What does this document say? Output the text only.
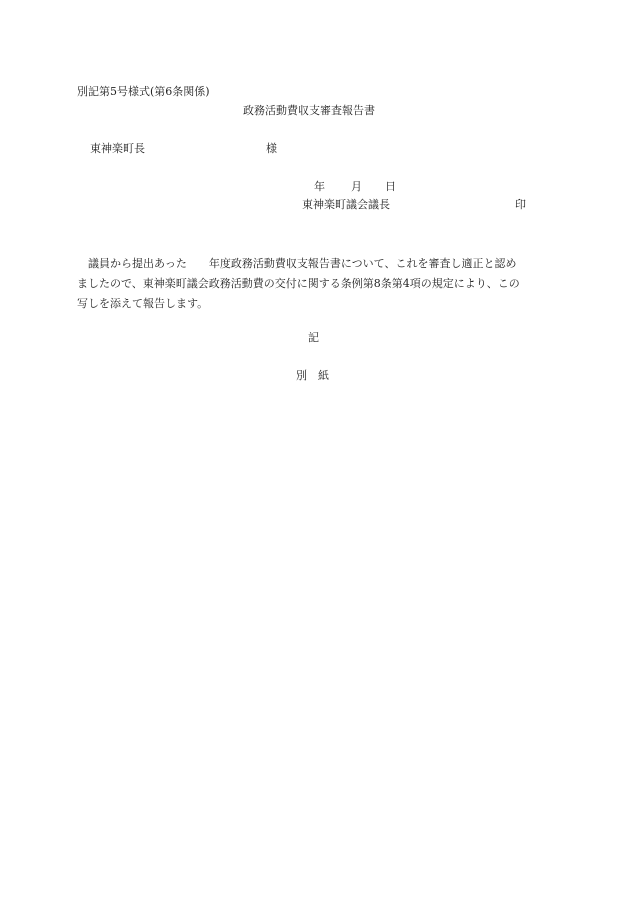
別記第5号様式(第6条関係)
政務活動費収支審査報告書
東神楽町長	様
年 月 日
東神楽町議会議長	印
　議員から提出あった　　年度政務活動費収支報告書について、これを審査し適正と認め
ましたので、東神楽町議会政務活動費の交付に関する条例第8条第4項の規定により、この
写しを添えて報告します。
記
別紙
